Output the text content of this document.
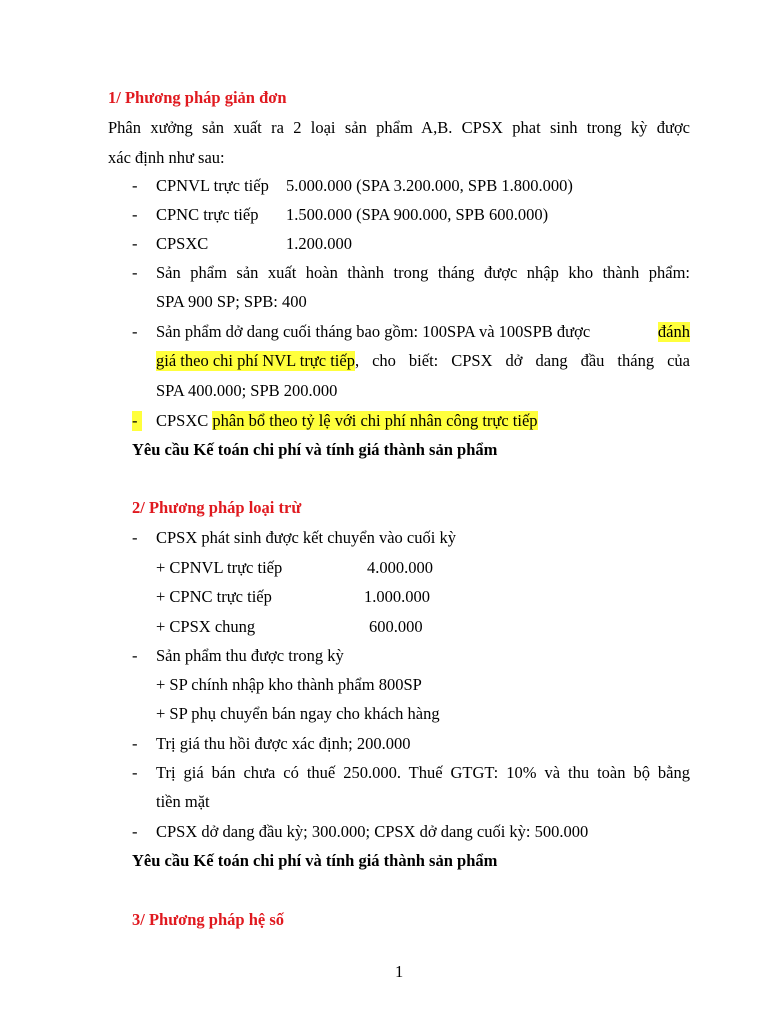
1/ Phương pháp giản đơn
Phân xưởng sản xuất ra 2 loại sản phẩm A,B. CPSX phat sinh trong kỳ được
xác định như sau:
- CPNVL trực tiếp 5.000.000 (SPA 3.200.000, SPB 1.800.000)
- CPNC trực tiếp 1.500.000 (SPA 900.000, SPB 600.000)
- CPSXC	1.200.000
- Sản phẩm sản xuất hoàn thành trong tháng được nhập kho thành phẩm:
SPA 900 SP; SPB: 400
- Sản phẩm dở dang cuối tháng bao gồm: 100SPA và 100SPB được	đánh
giá theo chi phí NVL trực tiếp , cho biết: CPSX dở dang đầu tháng của
SPA 400.000; SPB 200.000
- CPSXC phân bổ theo tỷ lệ với chi phí nhân công trực tiếp
Yêu cầu Kế toán chi phí và tính giá thành sản phẩm
2/ Phương pháp loại trừ
- CPSX phát sinh được kết chuyển vào cuối kỳ
+ CPNVL trực tiếp	4.000.000
+ CPNC trực tiếp	1.000.000
+ CPSX chung	600.000
- Sản phẩm thu được trong kỳ
+ SP chính nhập kho thành phẩm 800SP
+ SP phụ chuyển bán ngay cho khách hàng
- Trị giá thu hồi được xác định; 200.000
- Trị giá bán chưa có thuế 250.000. Thuế GTGT: 10% và thu toàn bộ bằng
tiền mặt
- CPSX dở dang đầu kỳ; 300.000; CPSX dở dang cuối kỳ: 500.000
Yêu cầu Kế toán chi phí và tính giá thành sản phẩm
3/ Phương pháp hệ số
1
